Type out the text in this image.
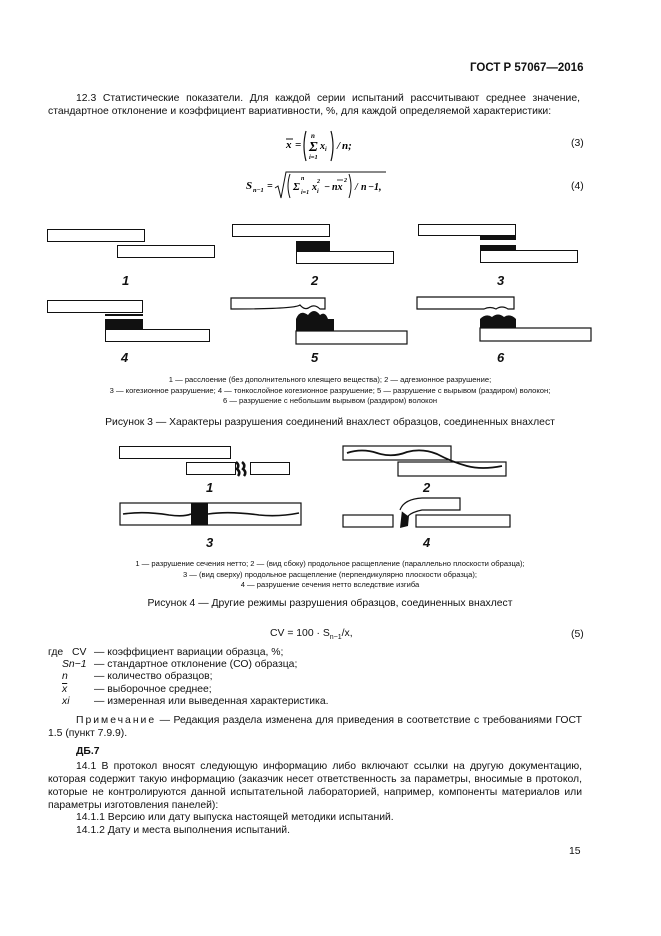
ГОСТ Р 57067—2016
12.3 Статистические показатели. Для каждой серии испытаний рассчитывают среднее значение, стандартное отклонение и коэффициент вариативности, %, для каждой определяемой характеристики:
x =
n
Σ
i=1
x i / n;	(3)
S n−1 = Σ
n
i=1 x 2
i − nx
2
/ n −1,	(4)
1	2	3
4	5	6
1 — расслоение (без дополнительного клеящего вещества); 2 — адгезионное разрушение;
3 — когезионное разрушение; 4 — тонкослойное когезионное разрушение; 5 — разрушение с вырывом (раздиром) волокон;
6 — разрушение с небольшим вырывом (раздиром) волокон
Рисунок 3 — Характеры разрушения соединений внахлест образцов, соединенных внахлест
1	2
3	4
1 — разрушение сечения нетто; 2 — (вид сбоку) продольное расщепление (параллельно плоскости образца);
3 — (вид сверху) продольное расщепление (перпендикулярно плоскости образца);
4 — разрушение сечения нетто вследствие изгиба
Рисунок 4 — Другие режимы разрушения образцов, соединенных внахлест
CV = $100 \cdot S_{n-1}/x$,	(5)
где CV — коэффициент вариации образца, %;
Sn−1 — стандартное отклонение (СО) образца;
n	— количество образцов;
$\overline{x}$	— выборочное среднее;
xi	— измеренная или выведенная характеристика.
Примечание — Редакция раздела изменена для приведения в соответствие с требованиями ГОСТ 1.5 (пункт 7.9.9).
ДБ.7
14.1 В протокол вносят следующую информацию либо включают ссылки на другую документацию, которая содержит такую информацию (заказчик несет ответственность за параметры, вносимые в протокол, которые не контролируются данной испытательной лабораторией, например, компоненты материалов или параметры изготовления панелей):
14.1.1 Версию или дату выпуска настоящей методики испытаний.
14.1.2 Дату и места выполнения испытаний.
15
